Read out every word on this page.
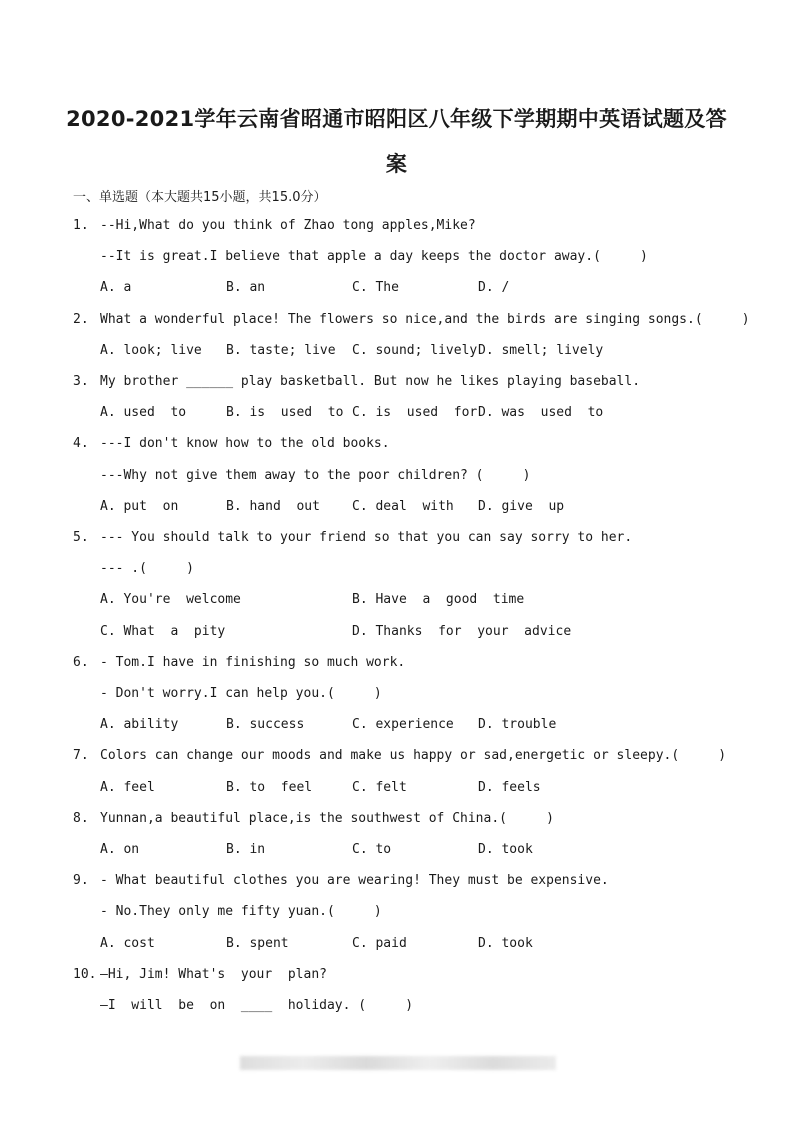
2020-2021学年云南省昭通市昭阳区八年级下学期期中英语试题及答
案
一、单选题（本大题共15小题，共15.0分）
1. --Hi,What do you think of Zhao tong apples,Mike?
--It is great.I believe that apple a day keeps the doctor away.(     )
A. a	B. an	C. The	D. /
2. What a wonderful place! The flowers so nice,and the birds are singing songs.(     )
A. look; live B. taste; live C. sound; lively D. smell; lively
3. My brother ______ play basketball. But now he likes playing baseball.
A. used  to	B. is  used  to C. is  used  for D. was  used  to
4. ---I don't know how to the old books.
---Why not give them away to the poor children? (     )
A. put  on	B. hand  out C. deal  with D. give  up
5. --- You should talk to your friend so that you can say sorry to her.
--- .(     )
A. You're  welcome	B. Have  a  good  time
C. What  a  pity	D. Thanks  for  your  advice
6. - Tom.I have in finishing so much work.
- Don't worry.I can help you.(     )
A. ability	B. success	C. experience D. trouble
7. Colors can change our moods and make us happy or sad,energetic or sleepy.(     )
A. feel	B. to  feel	C. felt	D. feels
8. Yunnan,a beautiful place,is the southwest of China.(     )
A. on	B. in	C. to	D. took
9. - What beautiful clothes you are wearing! They must be expensive.
- No.They only me fifty yuan.(     )
A. cost	B. spent	C. paid	D. took
10. —Hi, Jim! What's  your  plan?
—I  will  be  on  ____  holiday. (     )
